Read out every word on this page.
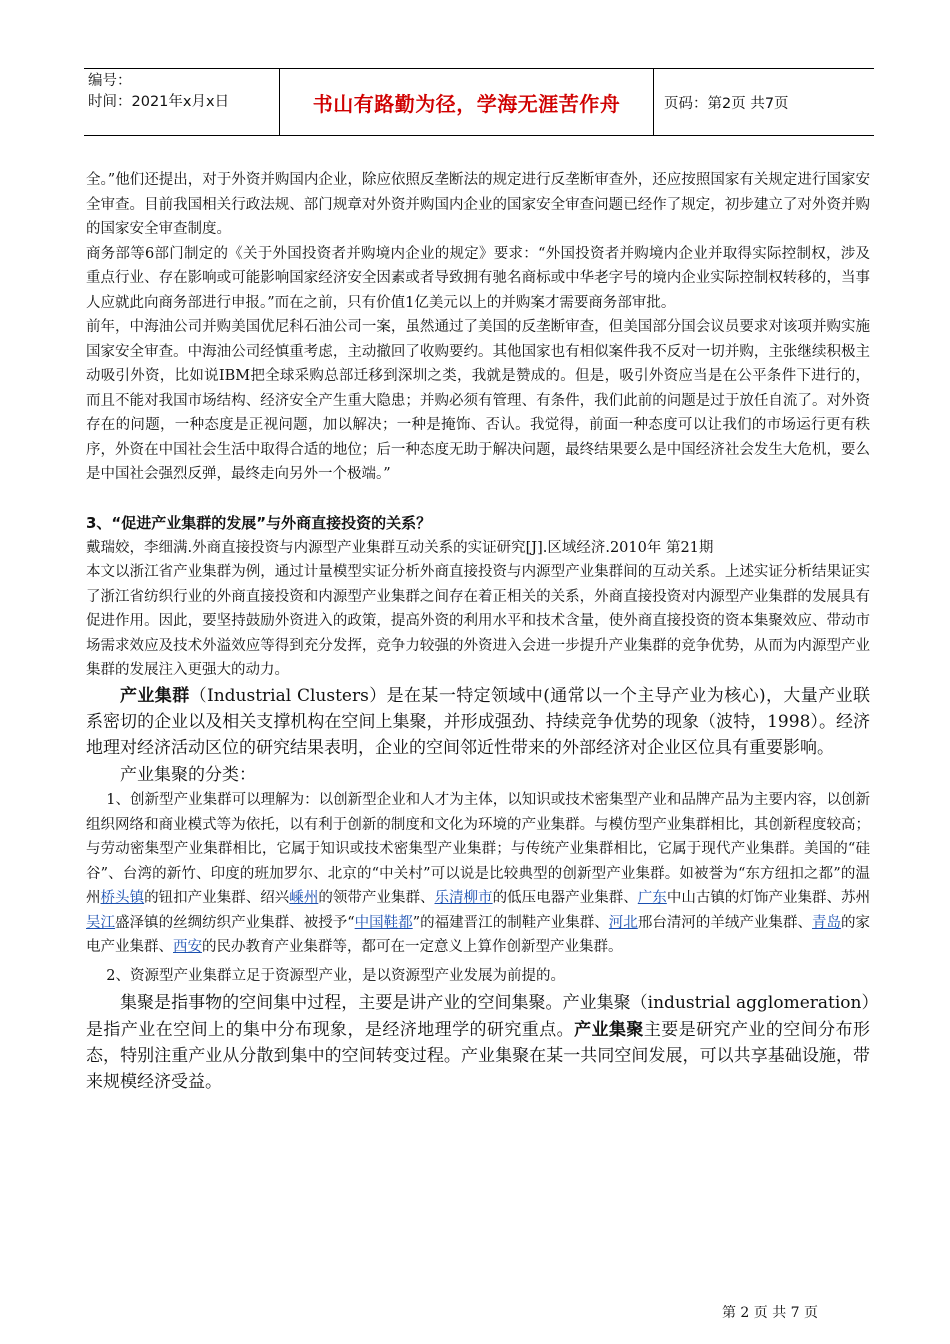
编号：
时间：2021年x月x日	书山有路勤为径，学海无涯苦作舟	页码：第2页 共7页

全。”他们还提出，对于外资并购国内企业，除应依照反垄断法的规定进行反垄断审查外，还应按照国家有关规定进行国家安全审查。目前我国相关行政法规、部门规章对外资并购国内企业的国家安全审查问题已经作了规定，初步建立了对外资并购的国家安全审查制度。

商务部等6部门制定的《关于外国投资者并购境内企业的规定》要求：“外国投资者并购境内企业并取得实际控制权，涉及重点行业、存在影响或可能影响国家经济安全因素或者导致拥有驰名商标或中华老字号的境内企业实际控制权转移的，当事人应就此向商务部进行申报。”而在之前，只有价值1亿美元以上的并购案才需要商务部审批。

前年，中海油公司并购美国优尼科石油公司一案，虽然通过了美国的反垄断审查，但美国部分国会议员要求对该项并购实施国家安全审查。中海油公司经慎重考虑，主动撤回了收购要约。其他国家也有相似案件我不反对一切并购，主张继续积极主动吸引外资，比如说IBM把全球采购总部迁移到深圳之类，我就是赞成的。但是，吸引外资应当是在公平条件下进行的，而且不能对我国市场结构、经济安全产生重大隐患；并购必须有管理、有条件，我们此前的问题是过于放任自流了。对外资存在的问题，一种态度是正视问题，加以解决；一种是掩饰、否认。我觉得，前面一种态度可以让我们的市场运行更有秩序，外资在中国社会生活中取得合适的地位；后一种态度无助于解决问题，最终结果要么是中国经济社会发生大危机，要么是中国社会强烈反弹，最终走向另外一个极端。”

3、“促进产业集群的发展”与外商直接投资的关系？

戴瑞姣，李细满.外商直接投资与内源型产业集群互动关系的实证研究[J].区域经济.2010年 第21期

本文以浙江省产业集群为例，通过计量模型实证分析外商直接投资与内源型产业集群间的互动关系。上述实证分析结果证实了浙江省纺织行业的外商直接投资和内源型产业集群之间存在着正相关的关系，外商直接投资对内源型产业集群的发展具有促进作用。因此，要坚持鼓励外资进入的政策，提高外资的利用水平和技术含量，使外商直接投资的资本集聚效应、带动市场需求效应及技术外溢效应等得到充分发挥，竞争力较强的外资进入会进一步提升产业集群的竞争优势，从而为内源型产业集群的发展注入更强大的动力。

产业集群（Industrial Clusters）是在某一特定领域中(通常以一个主导产业为核心)，大量产业联系密切的企业以及相关支撑机构在空间上集聚，并形成强劲、持续竞争优势的现象（波特，1998）。经济地理对经济活动区位的研究结果表明，企业的空间邻近性带来的外部经济对企业区位具有重要影响。

产业集聚的分类：

1、创新型产业集群可以理解为：以创新型企业和人才为主体，以知识或技术密集型产业和品牌产品为主要内容，以创新组织网络和商业模式等为依托，以有利于创新的制度和文化为环境的产业集群。与模仿型产业集群相比，其创新程度较高；与劳动密集型产业集群相比，它属于知识或技术密集型产业集群；与传统产业集群相比，它属于现代产业集群。美国的“硅谷”、台湾的新竹、印度的班加罗尔、北京的“中关村”可以说是比较典型的创新型产业集群。如被誉为“东方纽扣之都”的温州桥头镇的钮扣产业集群、绍兴嵊州的领带产业集群、乐清柳市的低压电器产业集群、广东中山古镇的灯饰产业集群、苏州吴江盛泽镇的丝绸纺织产业集群、被授予“中国鞋都”的福建晋江的制鞋产业集群、河北邢台清河的羊绒产业集群、青岛的家电产业集群、西安的民办教育产业集群等，都可在一定意义上算作创新型产业集群。

2、资源型产业集群立足于资源型产业，是以资源型产业发展为前提的。

集聚是指事物的空间集中过程，主要是讲产业的空间集聚。产业集聚（industrial agglomeration）是指产业在空间上的集中分布现象，是经济地理学的研究重点。产业集聚主要是研究产业的空间分布形态，特别注重产业从分散到集中的空间转变过程。产业集聚在某一共同空间发展，可以共享基础设施，带来规模经济受益。

第 2 页 共 7 页
